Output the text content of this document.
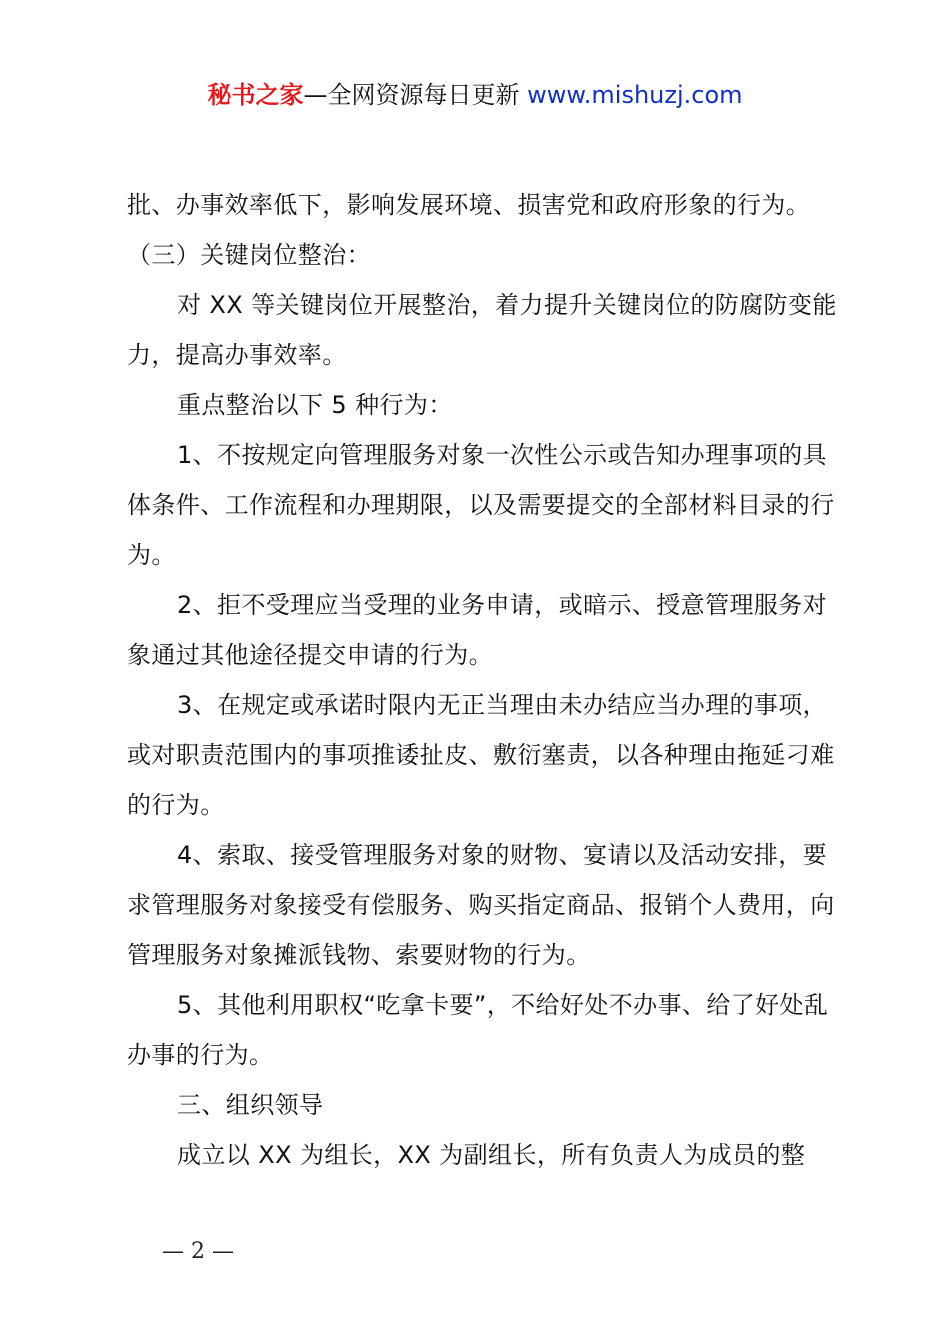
秘书之家—全网资源每日更新 www.mishuzj.com

批、办事效率低下，影响发展环境、损害党和政府形象的行为。

（三）关键岗位整治：

对 XX 等关键岗位开展整治，着力提升关键岗位的防腐防变能力，提高办事效率。

重点整治以下 5 种行为：

1、不按规定向管理服务对象一次性公示或告知办理事项的具体条件、工作流程和办理期限，以及需要提交的全部材料目录的行为。

2、拒不受理应当受理的业务申请，或暗示、授意管理服务对象通过其他途径提交申请的行为。

3、在规定或承诺时限内无正当理由未办结应当办理的事项，或对职责范围内的事项推诿扯皮、敷衍塞责，以各种理由拖延刁难的行为。

4、索取、接受管理服务对象的财物、宴请以及活动安排，要求管理服务对象接受有偿服务、购买指定商品、报销个人费用，向管理服务对象摊派钱物、索要财物的行为。

5、其他利用职权“吃拿卡要”，不给好处不办事、给了好处乱办事的行为。

三、组织领导

成立以 XX 为组长，XX 为副组长，所有负责人为成员的整

— 2 —
